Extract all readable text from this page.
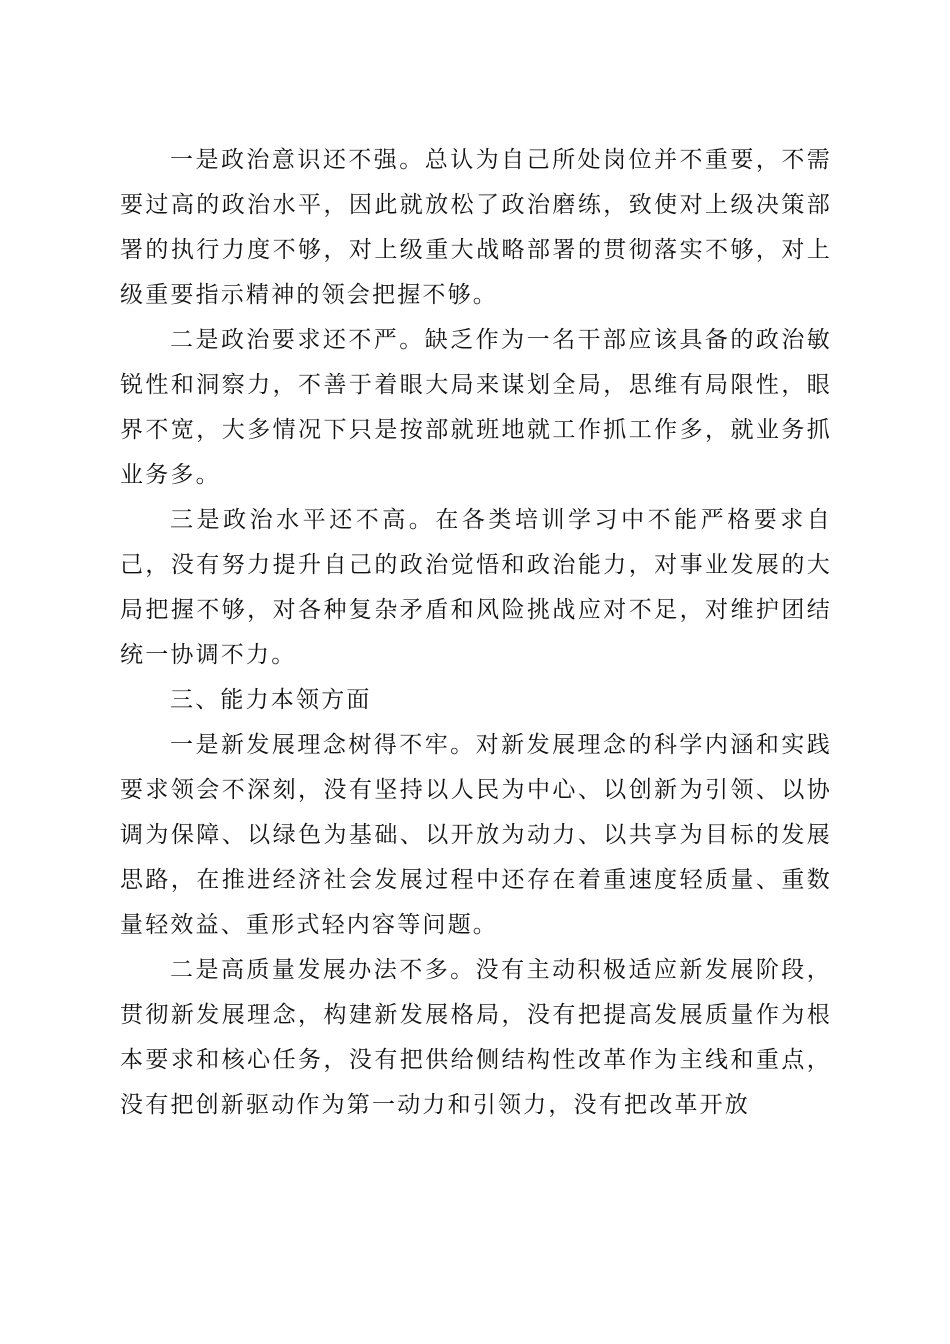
一是政治意识还不强。总认为自己所处岗位并不重要，不需要过高的政治水平，因此就放松了政治磨练，致使对上级决策部署的执行力度不够，对上级重大战略部署的贯彻落实不够，对上级重要指示精神的领会把握不够。

二是政治要求还不严。缺乏作为一名干部应该具备的政治敏锐性和洞察力，不善于着眼大局来谋划全局，思维有局限性，眼界不宽，大多情况下只是按部就班地就工作抓工作多，就业务抓业务多。

三是政治水平还不高。在各类培训学习中不能严格要求自己，没有努力提升自己的政治觉悟和政治能力，对事业发展的大局把握不够，对各种复杂矛盾和风险挑战应对不足，对维护团结统一协调不力。

三、能力本领方面

一是新发展理念树得不牢。对新发展理念的科学内涵和实践要求领会不深刻，没有坚持以人民为中心、以创新为引领、以协调为保障、以绿色为基础、以开放为动力、以共享为目标的发展思路，在推进经济社会发展过程中还存在着重速度轻质量、重数量轻效益、重形式轻内容等问题。

二是高质量发展办法不多。没有主动积极适应新发展阶段，贯彻新发展理念，构建新发展格局，没有把提高发展质量作为根本要求和核心任务，没有把供给侧结构性改革作为主线和重点，没有把创新驱动作为第一动力和引领力，没有把改革开放
